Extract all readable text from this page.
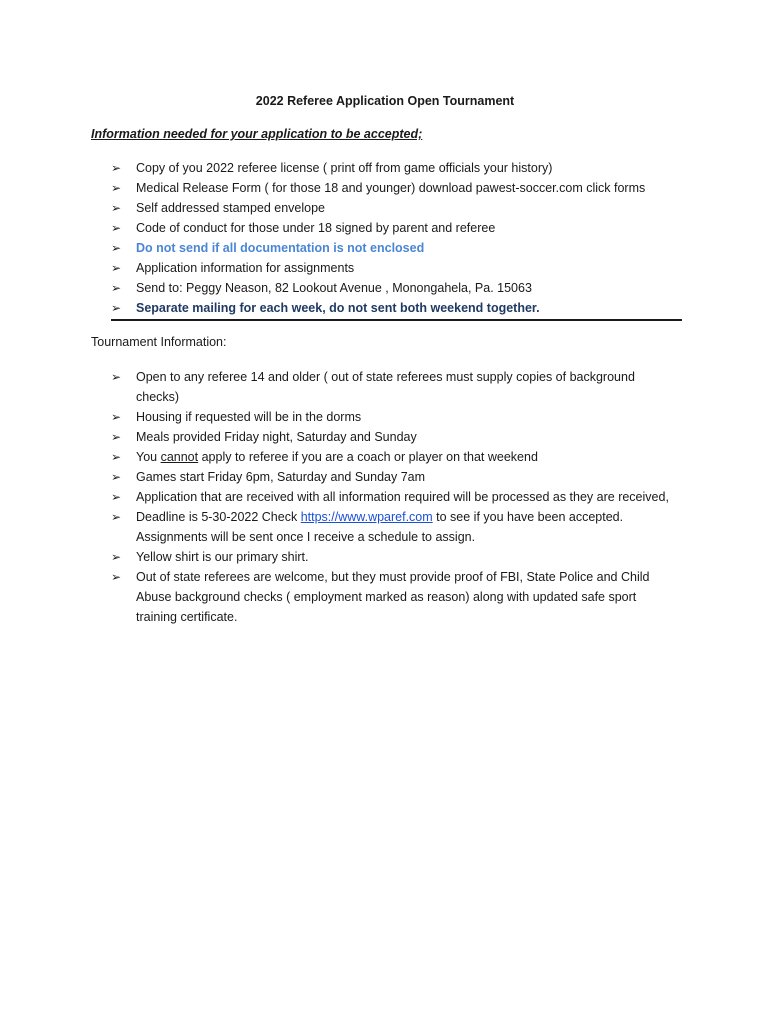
2022 Referee Application Open Tournament
Information needed for your application to be accepted;
➢	Copy of you 2022 referee license ( print off from game officials your history)
➢	Medical Release Form ( for those 18 and younger) download pawest-soccer.com click forms
➢	Self addressed stamped envelope
➢	Code of conduct for those under 18 signed by parent and referee
➢	Do not send if all documentation is not enclosed
➢	Application information for assignments
➢	Send to: Peggy Neason, 82 Lookout Avenue , Monongahela, Pa. 15063
➢	Separate mailing for each week, do not sent both weekend together.
Tournament Information:
➢	Open to any referee 14 and older ( out of state referees must supply copies of background checks)
➢	Housing if requested will be in the dorms
➢	Meals provided Friday night, Saturday and Sunday
➢	You cannot apply to referee if you are a coach or player on that weekend
➢	Games start Friday 6pm, Saturday and Sunday 7am
➢	Application that are received with all information required will be processed as they are received,
➢	Deadline is 5-30-2022 Check https://www.wparef.com to see if you have been accepted. Assignments will be sent once I receive a schedule to assign.
➢	Yellow shirt is our primary shirt.
➢	Out of state referees are welcome, but they must provide proof of FBI, State Police and Child Abuse background checks ( employment marked as reason) along with updated safe sport training certificate.
